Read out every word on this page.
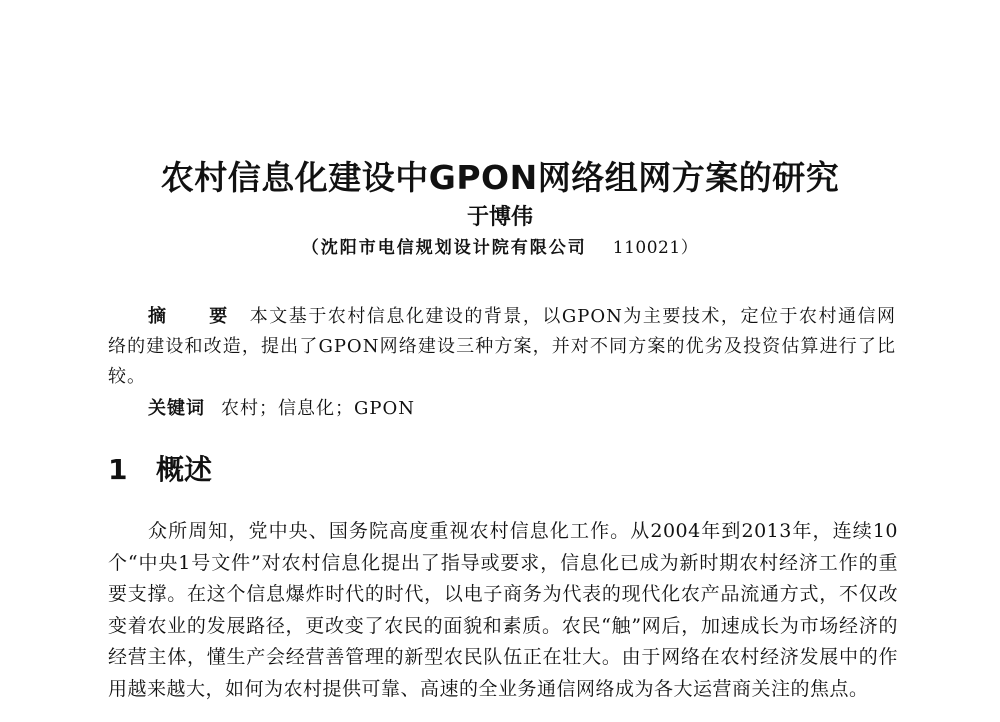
农村信息化建设中GPON网络组网方案的研究
于博伟
（沈阳市电信规划设计院有限公司 110021）

摘 要 本文基于农村信息化建设的背景，以GPON为主要技术，定位于农村通信网络的建设和改造，提出了GPON网络建设三种方案，并对不同方案的优劣及投资估算进行了比较。

关键词 农村；信息化；GPON

1 概述

众所周知，党中央、国务院高度重视农村信息化工作。从2004年到2013年，连续10个“中央1号文件”对农村信息化提出了指导或要求，信息化已成为新时期农村经济工作的重要支撑。在这个信息爆炸时代的时代，以电子商务为代表的现代化农产品流通方式，不仅改变着农业的发展路径，更改变了农民的面貌和素质。农民“触”网后，加速成长为市场经济的经营主体，懂生产会经营善管理的新型农民队伍正在壮大。由于网络在农村经济发展中的作用越来越大，如何为农村提供可靠、高速的全业务通信网络成为各大运营商关注的焦点。
